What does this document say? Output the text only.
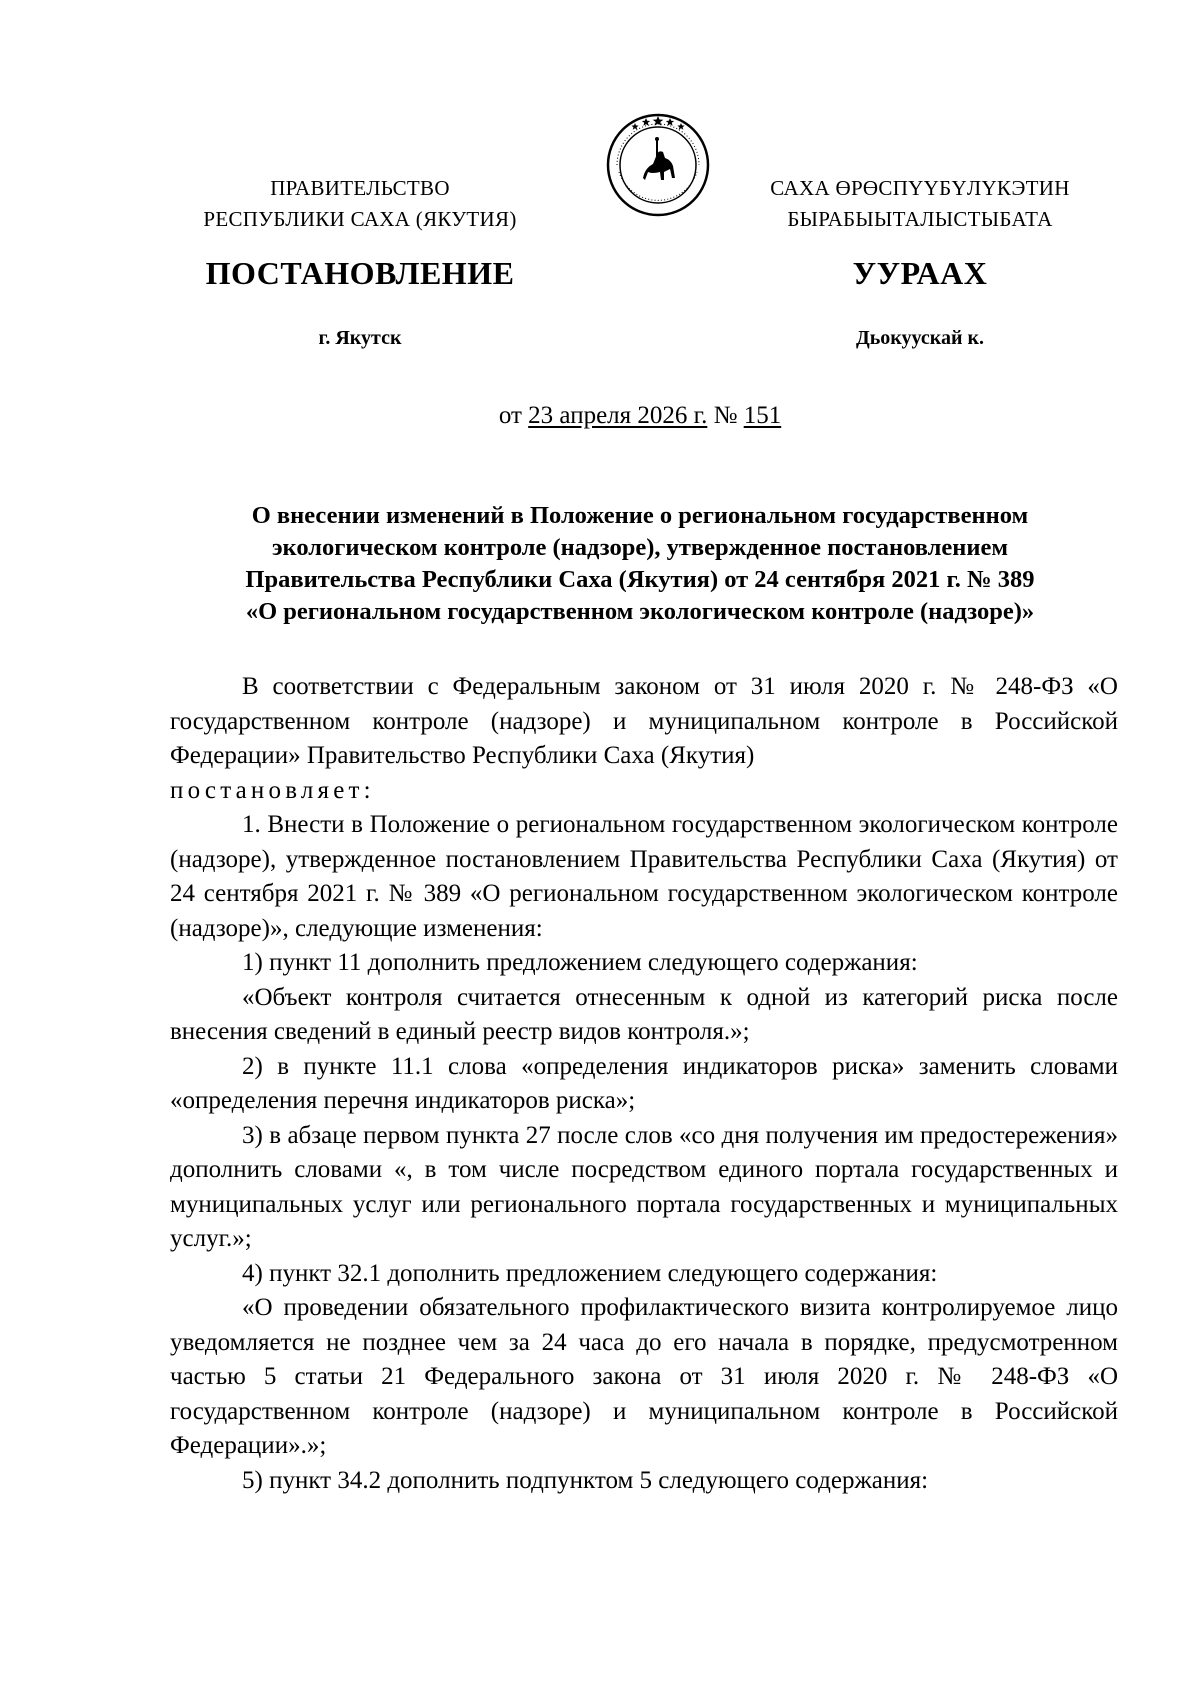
ПРАВИТЕЛЬСТВО
РЕСПУБЛИКИ САХА (ЯКУТИЯ)
САХА ӨРӨСПҮҮБҮЛҮКЭТИН
БЫРАБЫЫТАЛЫСТЫБАТА
ПОСТАНОВЛЕНИЕ	УУРААХ
г. Якутск	Дьокуускай к.
от 23 апреля 2026 г. № 151
О внесении изменений в Положение о региональном государственном
экологическом контроле (надзоре), утвержденное постановлением
Правительства Республики Саха (Якутия) от 24 сентября 2021 г. № 389
«О региональном государственном экологическом контроле (надзоре)»

В соответствии с Федеральным законом от 31 июля 2020 г. № 248-ФЗ «О государственном контроле (надзоре) и муниципальном контроле в Российской Федерации» Правительство Республики Саха (Якутия)

постановляет:

1. Внести в Положение о региональном государственном экологическом контроле (надзоре), утвержденное постановлением Правительства Республики Саха (Якутия) от 24 сентября 2021 г. № 389 «О региональном государственном экологическом контроле (надзоре)», следующие изменения:

1) пункт 11 дополнить предложением следующего содержания:

«Объект контроля считается отнесенным к одной из категорий риска после внесения сведений в единый реестр видов контроля.»;

2) в пункте 11.1 слова «определения индикаторов риска» заменить словами «определения перечня индикаторов риска»;

3) в абзаце первом пункта 27 после слов «со дня получения им предостережения» дополнить словами «, в том числе посредством единого портала государственных и муниципальных услуг или регионального портала государственных и муниципальных услуг.»;

4) пункт 32.1 дополнить предложением следующего содержания:

«О проведении обязательного профилактического визита контролируемое лицо уведомляется не позднее чем за 24 часа до его начала в порядке, предусмотренном частью 5 статьи 21 Федерального закона от 31 июля 2020 г. № 248-ФЗ «О государственном контроле (надзоре) и муниципальном контроле в Российской Федерации».»;

5) пункт 34.2 дополнить подпунктом 5 следующего содержания:
